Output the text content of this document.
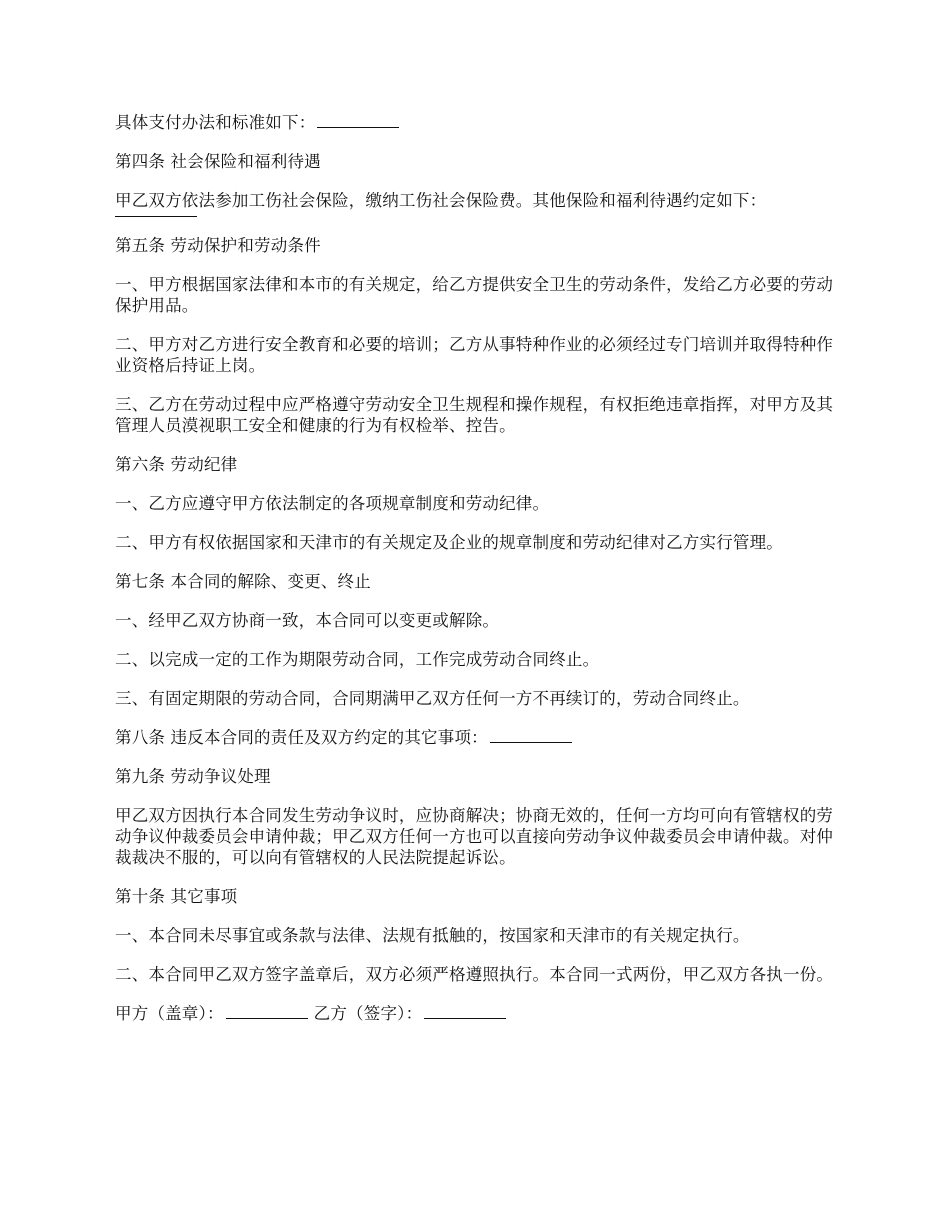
具体支付办法和标准如下：

第四条 社会保险和福利待遇

甲乙双方依法参加工伤社会保险，缴纳工伤社会保险费。其他保险和福利待遇约定如下：

第五条 劳动保护和劳动条件

一、甲方根据国家法律和本市的有关规定，给乙方提供安全卫生的劳动条件，发给乙方必要的劳动保护用品。

二、甲方对乙方进行安全教育和必要的培训；乙方从事特种作业的必须经过专门培训并取得特种作业资格后持证上岗。

三、乙方在劳动过程中应严格遵守劳动安全卫生规程和操作规程，有权拒绝违章指挥，对甲方及其管理人员漠视职工安全和健康的行为有权检举、控告。

第六条 劳动纪律

一、乙方应遵守甲方依法制定的各项规章制度和劳动纪律。

二、甲方有权依据国家和天津市的有关规定及企业的规章制度和劳动纪律对乙方实行管理。

第七条 本合同的解除、变更、终止

一、经甲乙双方协商一致，本合同可以变更或解除。

二、以完成一定的工作为期限劳动合同，工作完成劳动合同终止。

三、有固定期限的劳动合同，合同期满甲乙双方任何一方不再续订的，劳动合同终止。

第八条 违反本合同的责任及双方约定的其它事项：

第九条 劳动争议处理

甲乙双方因执行本合同发生劳动争议时，应协商解决；协商无效的，任何一方均可向有管辖权的劳动争议仲裁委员会申请仲裁；甲乙双方任何一方也可以直接向劳动争议仲裁委员会申请仲裁。对仲裁裁决不服的，可以向有管辖权的人民法院提起诉讼。

第十条 其它事项

一、本合同未尽事宜或条款与法律、法规有抵触的，按国家和天津市的有关规定执行。

二、本合同甲乙双方签字盖章后，双方必须严格遵照执行。本合同一式两份，甲乙双方各执一份。

甲方（盖章）：	乙方（签字）：
